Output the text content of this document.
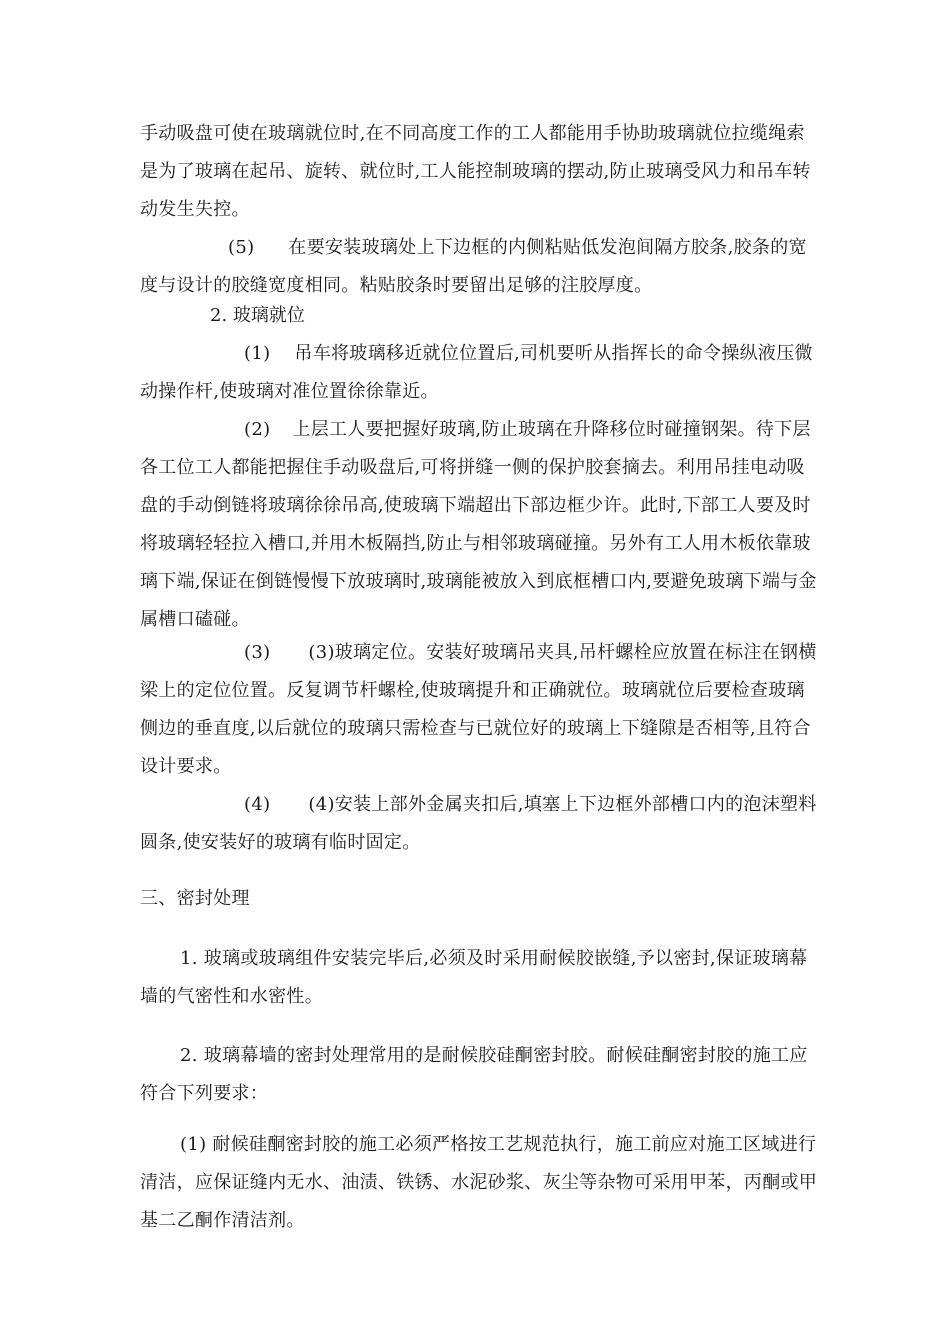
手动吸盘可使在玻璃就位时,在不同高度工作的工人都能用手协助玻璃就位拉缆绳索是为了玻璃在起吊、旋转、就位时,工人能控制玻璃的摆动,防止玻璃受风力和吊车转动发生失控。

(5) 在要安装玻璃处上下边框的内侧粘贴低发泡间隔方胶条,胶条的宽度与设计的胶缝宽度相同。粘贴胶条时要留出足够的注胶厚度。

2. 玻璃就位

(1) 吊车将玻璃移近就位位置后,司机要听从指挥长的命令操纵液压微动操作杆,使玻璃对准位置徐徐靠近。

(2) 上层工人要把握好玻璃,防止玻璃在升降移位时碰撞钢架。待下层各工位工人都能把握住手动吸盘后,可将拼缝一侧的保护胶套摘去。利用吊挂电动吸盘的手动倒链将玻璃徐徐吊高,使玻璃下端超出下部边框少许。此时,下部工人要及时将玻璃轻轻拉入槽口,并用木板隔挡,防止与相邻玻璃碰撞。另外有工人用木板依靠玻璃下端,保证在倒链慢慢下放玻璃时,玻璃能被放入到底框槽口内,要避免玻璃下端与金属槽口磕碰。

(3) (3)玻璃定位。安装好玻璃吊夹具,吊杆螺栓应放置在标注在钢横梁上的定位位置。反复调节杆螺栓,使玻璃提升和正确就位。玻璃就位后要检查玻璃侧边的垂直度,以后就位的玻璃只需检查与已就位好的玻璃上下缝隙是否相等,且符合设计要求。

(4) (4)安装上部外金属夹扣后,填塞上下边框外部槽口内的泡沫塑料圆条,使安装好的玻璃有临时固定。

三、密封处理

1. 玻璃或玻璃组件安装完毕后,必须及时采用耐候胶嵌缝,予以密封,保证玻璃幕墙的气密性和水密性。

2. 玻璃幕墙的密封处理常用的是耐候胶硅酮密封胶。耐候硅酮密封胶的施工应符合下列要求：

(1) 耐候硅酮密封胶的施工必须严格按工艺规范执行，施工前应对施工区域进行清洁，应保证缝内无水、油渍、铁锈、水泥砂浆、灰尘等杂物可采用甲苯，丙酮或甲基二乙酮作清洁剂。
